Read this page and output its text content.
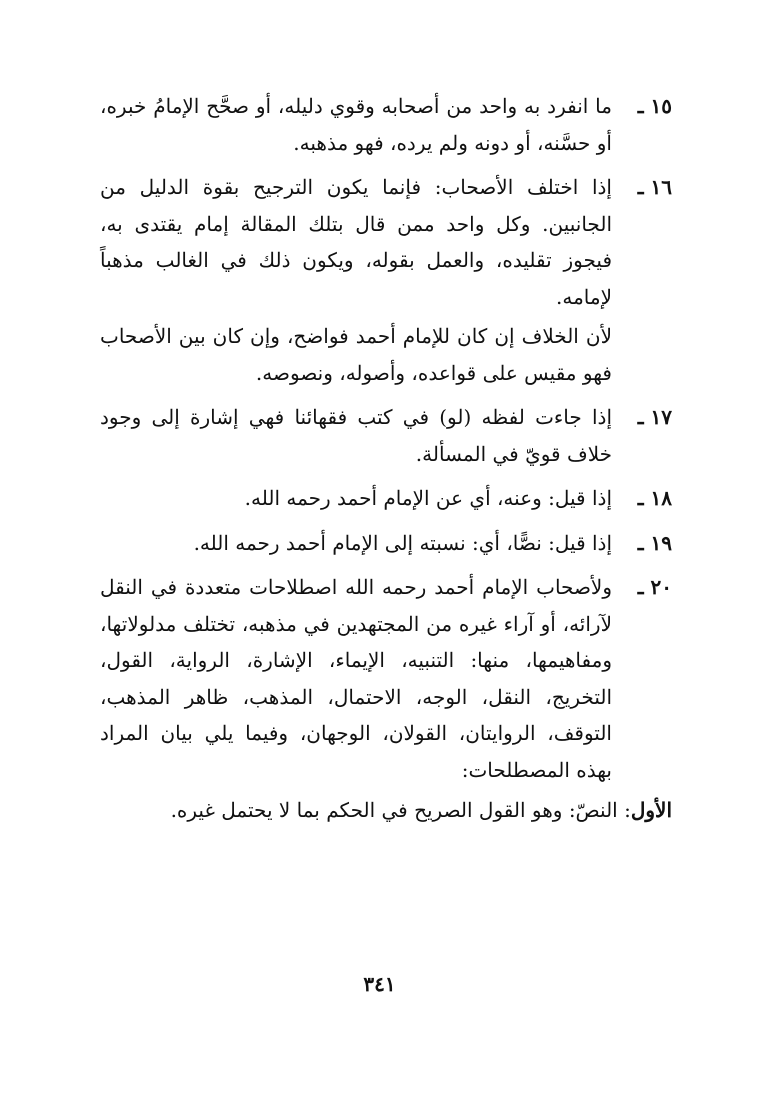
١٥ ـ

ما انفرد به واحد من أصحابه وقوي دليله، أو صحَّح الإمامُ خبره، أو حسَّنه، أو دونه ولم يرده، فهو مذهبه.

١٦ ـ

إذا اختلف الأصحاب: فإنما يكون الترجيح بقوة الدليل من الجانبين. وكل واحد ممن قال بتلك المقالة إمام يقتدى به، فيجوز تقليده، والعمل بقوله، ويكون ذلك في الغالب مذهباً لإمامه.

لأن الخلاف إن كان للإمام أحمد فواضح، وإن كان بين الأصحاب فهو مقيس على قواعده، وأصوله، ونصوصه.

١٧ ـ

إذا جاءت لفظه (لو) في كتب فقهائنا فهي إشارة إلى وجود خلاف قويّ في المسألة.

١٨ ـ

إذا قيل: وعنه، أي عن الإمام أحمد رحمه الله.

١٩ ـ

إذا قيل: نصًّا، أي: نسبته إلى الإمام أحمد رحمه الله.

٢٠ ـ

ولأصحاب الإمام أحمد رحمه الله اصطلاحات متعددة في النقل لآرائه، أو آراء غيره من المجتهدين في مذهبه، تختلف مدلولاتها، ومفاهيمها، منها: التنبيه، الإيماء، الإشارة، الرواية، القول، التخريج، النقل، الوجه، الاحتمال، المذهب، ظاهر المذهب، التوقف، الروايتان، القولان، الوجهان، وفيما يلي بيان المراد بهذه المصطلحات:

الأول: النصّ: وهو القول الصريح في الحكم بما لا يحتمل غيره.
٣٤١
